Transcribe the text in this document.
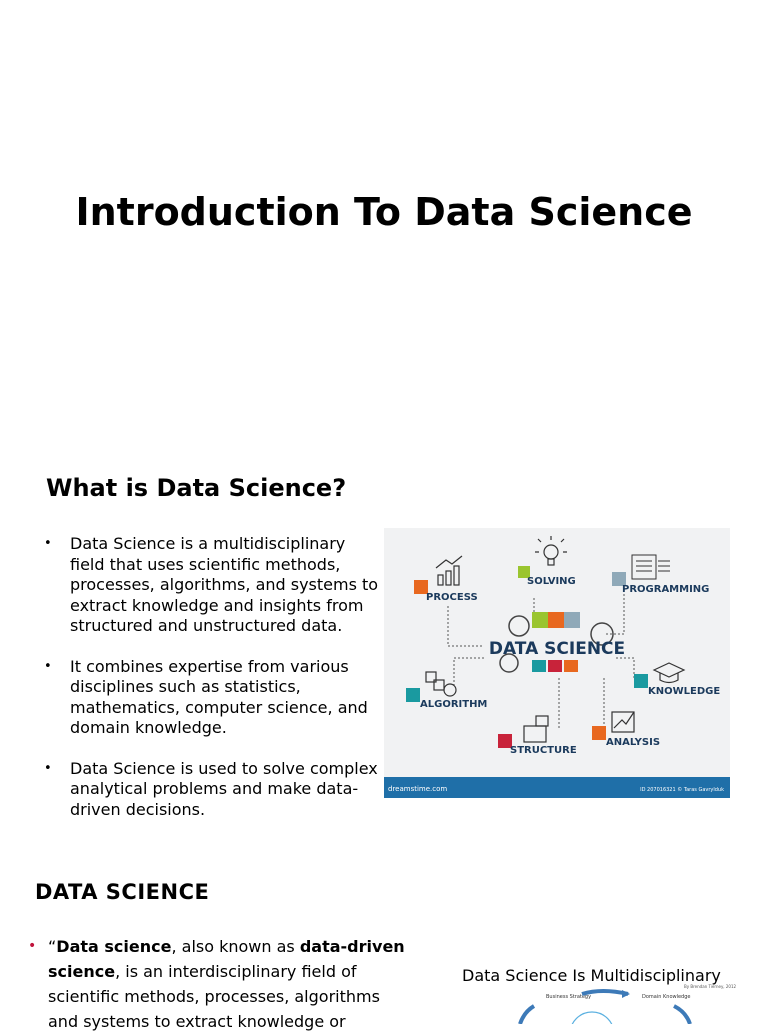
Introduction To Data Science
What is Data Science?
• Data Science is a multidisciplinary field that uses scientific methods, processes, algorithms, and systems to extract knowledge and insights from structured and unstructured data.
• It combines expertise from various disciplines such as statistics, mathematics, computer science, and domain knowledge.
• Data Science is used to solve complex analytical problems and make data-driven decisions.
DATA SCIENCE
PROCESS
SOLVING
PROGRAMMING
ALGORITHM
KNOWLEDGE
STRUCTURE
ANALYSIS
dreamstime.com	ID 207016321 © Taras Gavrylduk
DATA SCIENCE
• “Data science, also known as data-driven science, is an interdisciplinary field of scientific methods, processes, algorithms and systems to extract knowledge or
Data Science Is Multidisciplinary
By Brendan Tierney, 2012
Business Strategy	Domain Knowledge
